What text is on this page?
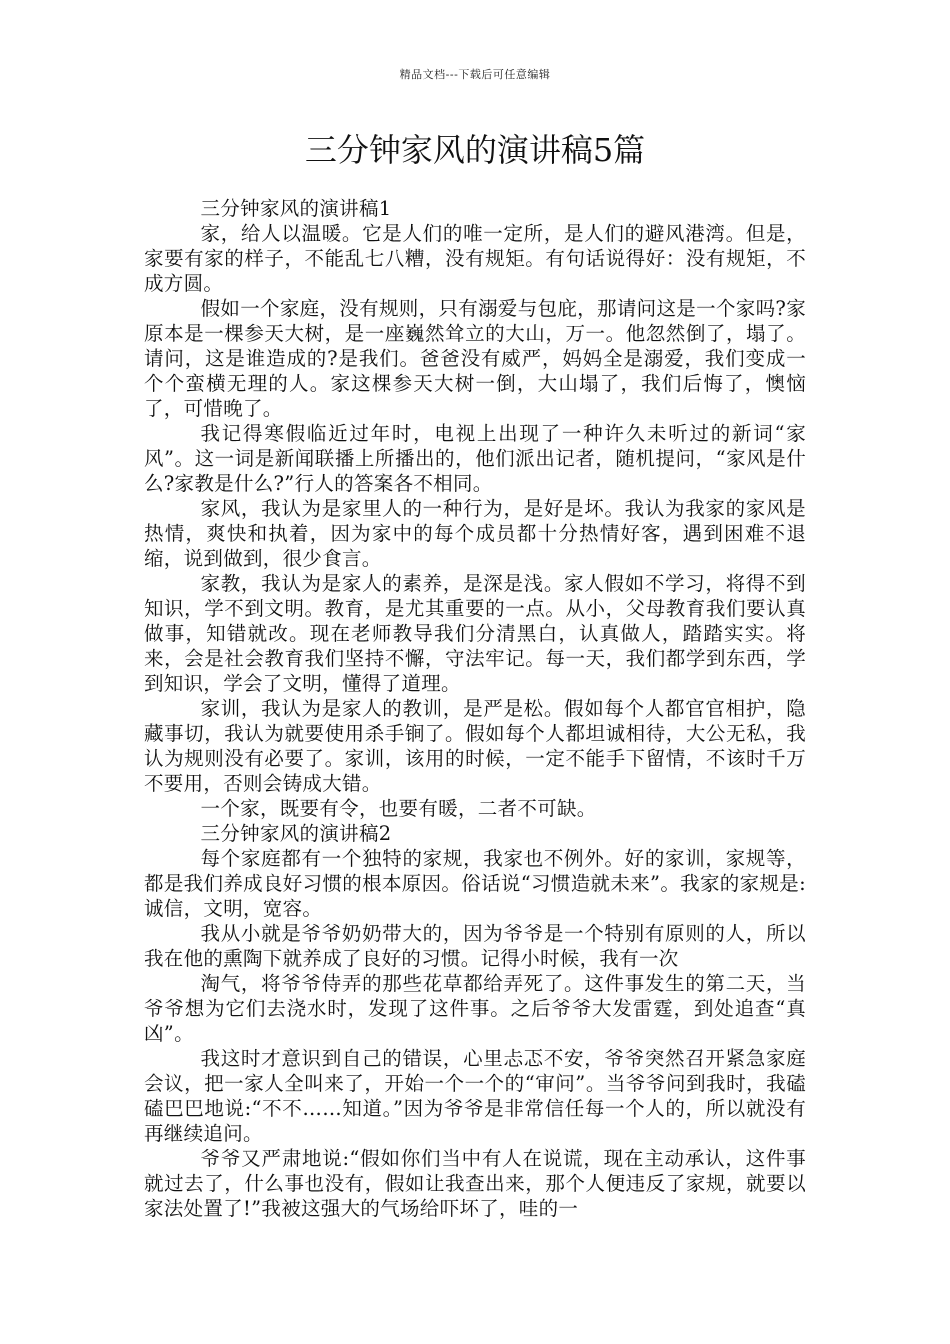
精品文档---下载后可任意编辑
三分钟家风的演讲稿5篇

三分钟家风的演讲稿1

家，给人以温暖。它是人们的唯一定所，是人们的避风港湾。但是，家要有家的样子，不能乱七八糟，没有规矩。有句话说得好：没有规矩，不成方圆。

假如一个家庭，没有规则，只有溺爱与包庇，那请问这是一个家吗?家原本是一棵参天大树，是一座巍然耸立的大山，万一。他忽然倒了，塌了。请问，这是谁造成的?是我们。爸爸没有威严，妈妈全是溺爱，我们变成一个个蛮横无理的人。家这棵参天大树一倒，大山塌了，我们后悔了，懊恼了，可惜晚了。

我记得寒假临近过年时，电视上出现了一种许久未听过的新词“家风”。这一词是新闻联播上所播出的，他们派出记者，随机提问，“家风是什么?家教是什么?”行人的答案各不相同。

家风，我认为是家里人的一种行为，是好是坏。我认为我家的家风是热情，爽快和执着，因为家中的每个成员都十分热情好客，遇到困难不退缩，说到做到，很少食言。

家教，我认为是家人的素养，是深是浅。家人假如不学习，将得不到知识，学不到文明。教育，是尤其重要的一点。从小，父母教育我们要认真做事，知错就改。现在老师教导我们分清黑白，认真做人，踏踏实实。将来，会是社会教育我们坚持不懈，守法牢记。每一天，我们都学到东西，学到知识，学会了文明，懂得了道理。

家训，我认为是家人的教训，是严是松。假如每个人都官官相护，隐藏事切，我认为就要使用杀手锏了。假如每个人都坦诚相待，大公无私，我认为规则没有必要了。家训，该用的时候，一定不能手下留情，不该时千万不要用，否则会铸成大错。

一个家，既要有令，也要有暖，二者不可缺。

三分钟家风的演讲稿2

每个家庭都有一个独特的家规，我家也不例外。好的家训，家规等，都是我们养成良好习惯的根本原因。俗话说“习惯造就未来”。我家的家规是:诚信，文明，宽容。

我从小就是爷爷奶奶带大的，因为爷爷是一个特别有原则的人，所以我在他的熏陶下就养成了良好的习惯。记得小时候，我有一次

淘气，将爷爷侍弄的那些花草都给弄死了。这件事发生的第二天，当爷爷想为它们去浇水时，发现了这件事。之后爷爷大发雷霆，到处追查“真凶”。

我这时才意识到自己的错误，心里忐忑不安，爷爷突然召开紧急家庭会议，把一家人全叫来了，开始一个一个的“审问”。当爷爷问到我时，我磕磕巴巴地说:“不不……知道。”因为爷爷是非常信任每一个人的，所以就没有再继续追问。

爷爷又严肃地说:“假如你们当中有人在说谎，现在主动承认，这件事就过去了，什么事也没有，假如让我查出来，那个人便违反了家规，就要以家法处置了!”我被这强大的气场给吓坏了，哇的一
